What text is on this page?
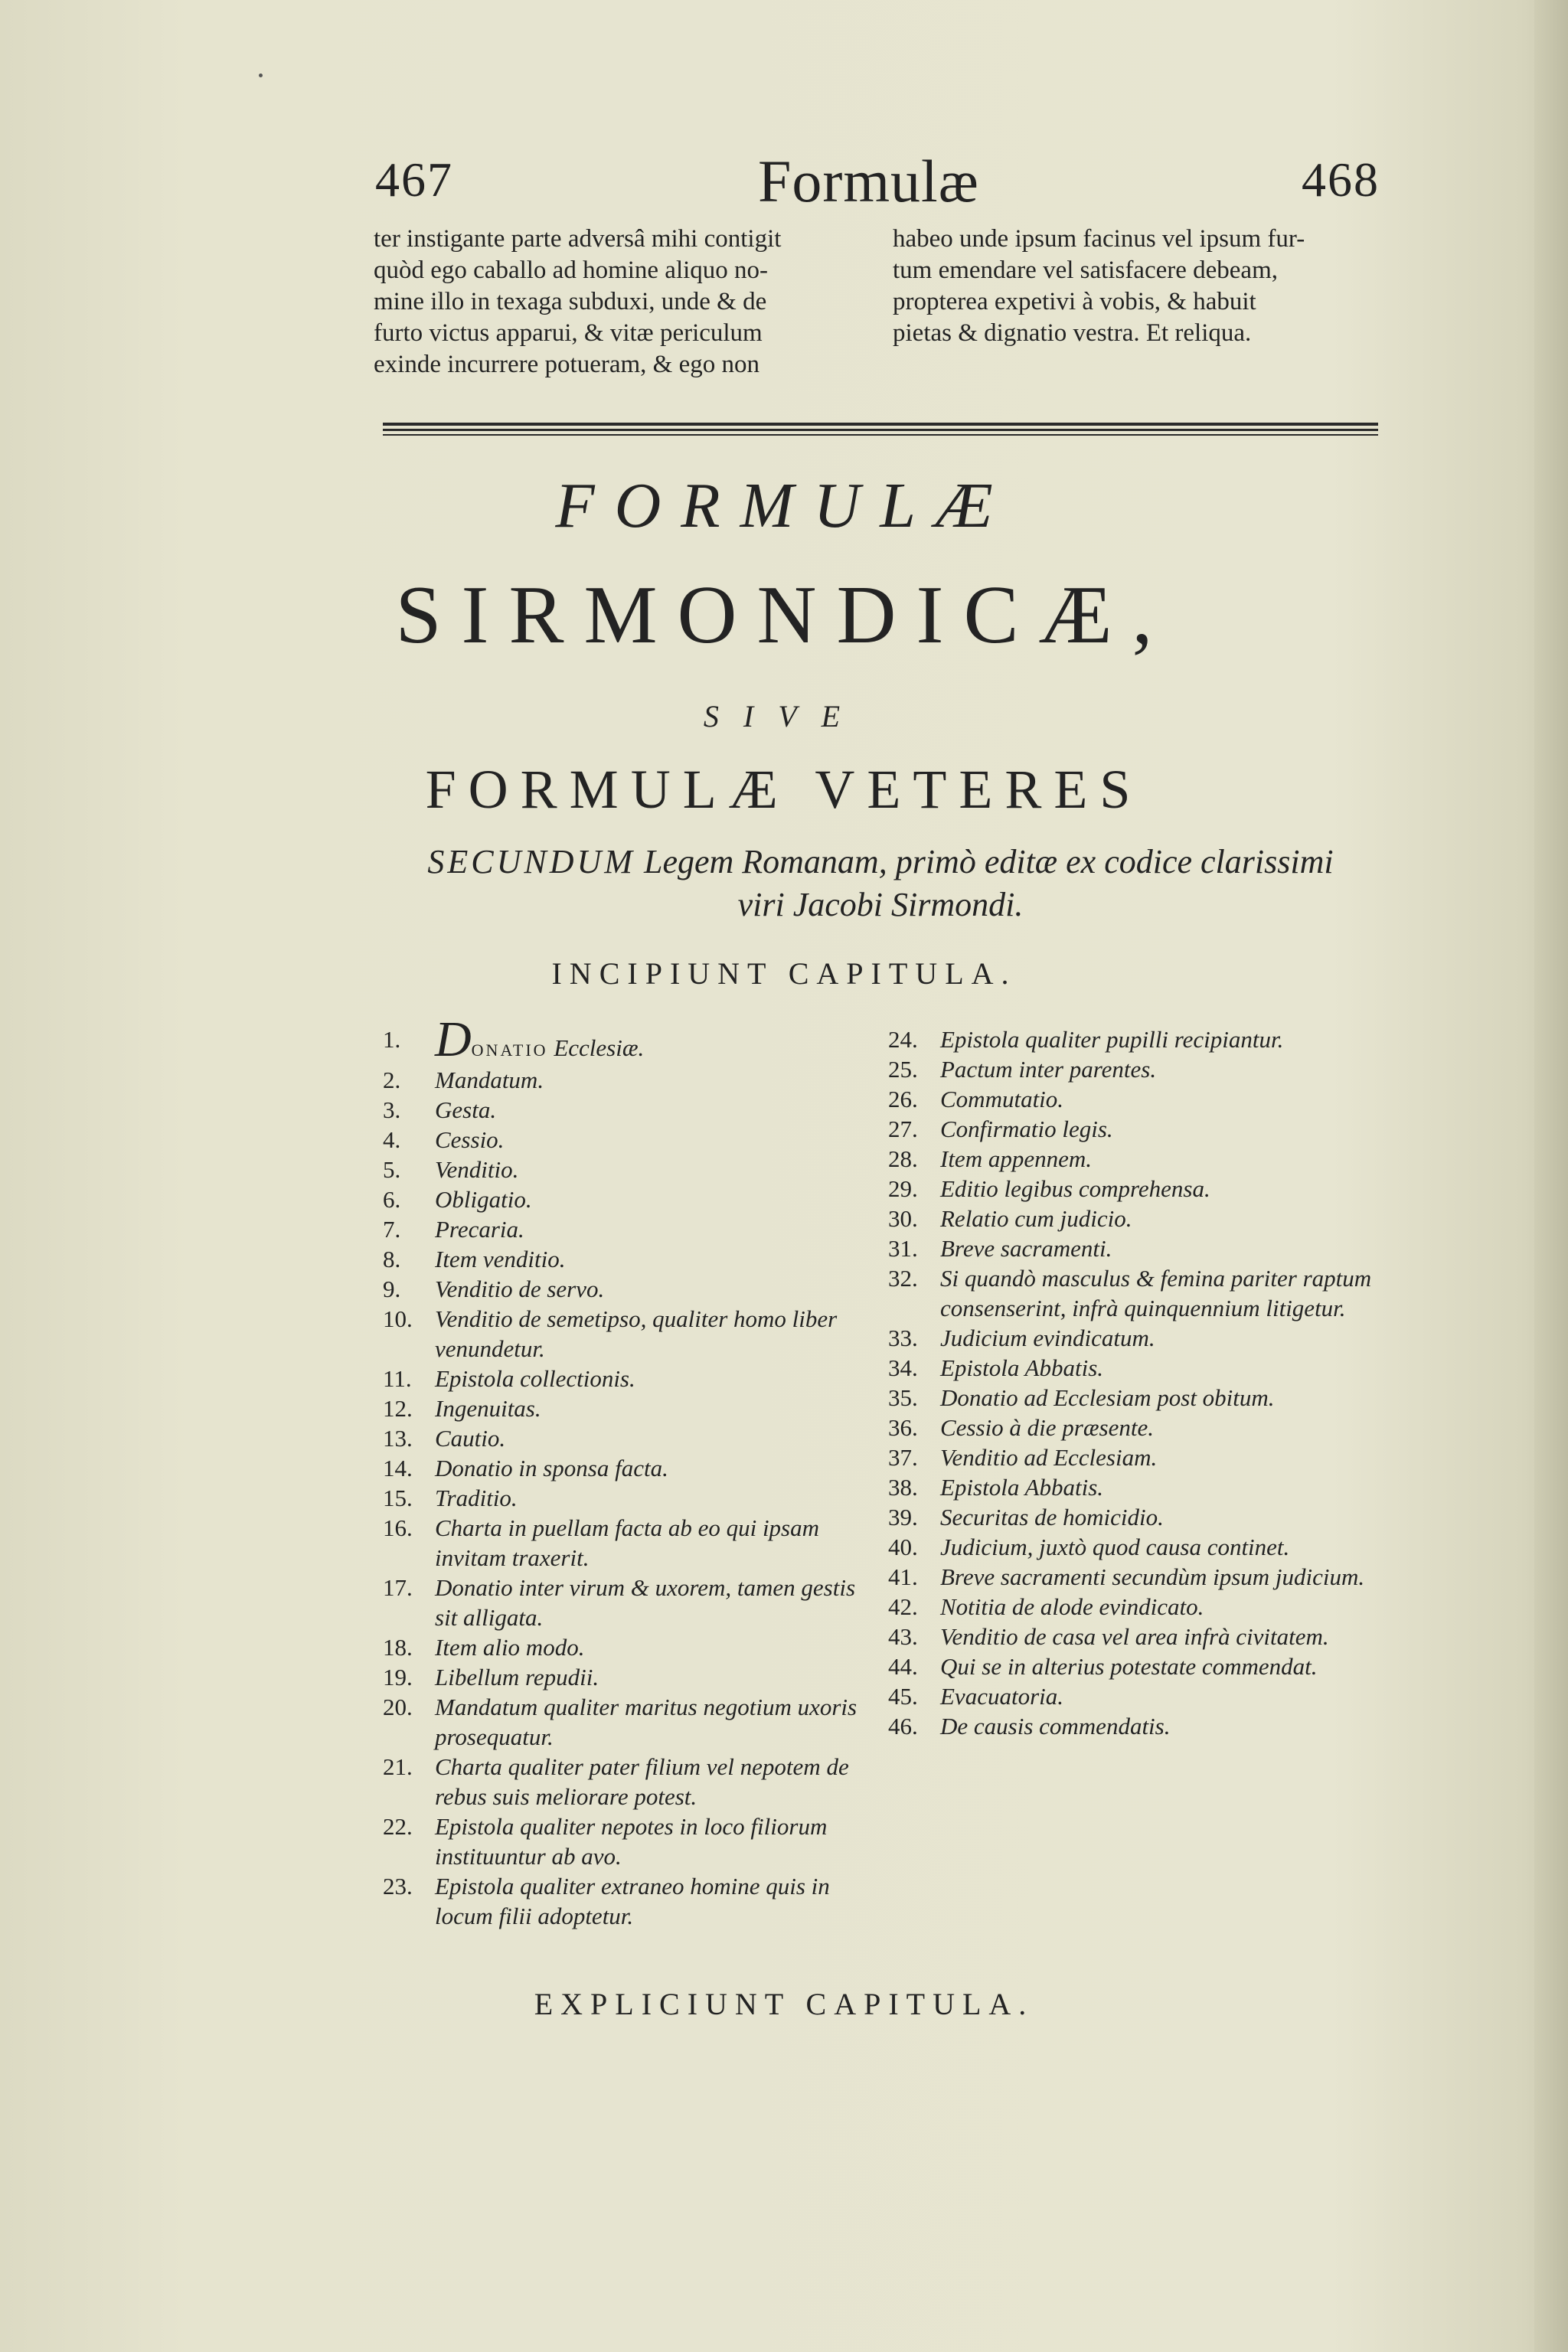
467	Formulæ	468
ter instigante parte adversâ mihi contigit
quòd ego caballo ad homine aliquo no-
mine illo in texaga subduxi, unde & de
furto victus apparui, & vitæ periculum
exinde incurrere potueram, & ego non
habeo unde ipsum facinus vel ipsum fur-
tum emendare vel satisfacere debeam,
propterea expetivi à vobis, & habuit
pietas & dignatio vestra. Et reliqua.
FORMULÆ
SIRMONDICÆ,
SIVE
FORMULÆ VETERES
SECUNDUM Legem Romanam, primò editæ ex codice clarissimi
viri Jacobi Sirmondi.
INCIPIUNT CAPITULA.
1. DONATIO Ecclesiæ.
2.	Mandatum.
3.	Gesta.
4.	Cessio.
5.	Venditio.
6.	Obligatio.
7.	Precaria.
8.	Item venditio.
9.	Venditio de servo.
10. Venditio de semetipso, qualiter homo liber venundetur.
11. Epistola collectionis.
12. Ingenuitas.
13. Cautio.
14. Donatio in sponsa facta.
15. Traditio.
16. Charta in puellam facta ab eo qui ipsam invitam traxerit.
17. Donatio inter virum & uxorem, tamen gestis sit alligata.
18. Item alio modo.
19. Libellum repudii.
20. Mandatum qualiter maritus negotium uxoris prosequatur.
21. Charta qualiter pater filium vel nepotem de rebus suis meliorare potest.
22. Epistola qualiter nepotes in loco filiorum instituuntur ab avo.
23. Epistola qualiter extraneo homine quis in locum filii adoptetur.
24. Epistola qualiter pupilli recipiantur.
25. Pactum inter parentes.
26. Commutatio.
27. Confirmatio legis.
28. Item appennem.
29. Editio legibus comprehensa.
30. Relatio cum judicio.
31. Breve sacramenti.
32. Si quandò masculus & femina pariter raptum consenserint, infrà quinquennium litigetur.
33. Judicium evindicatum.
34. Epistola Abbatis.
35. Donatio ad Ecclesiam post obitum.
36. Cessio à die præsente.
37. Venditio ad Ecclesiam.
38. Epistola Abbatis.
39. Securitas de homicidio.
40. Judicium, juxtò quod causa continet.
41. Breve sacramenti secundùm ipsum judicium.
42. Notitia de alode evindicato.
43. Venditio de casa vel area infrà civitatem.
44. Qui se in alterius potestate commendat.
45. Evacuatoria.
46. De causis commendatis.
EXPLICIUNT CAPITULA.
